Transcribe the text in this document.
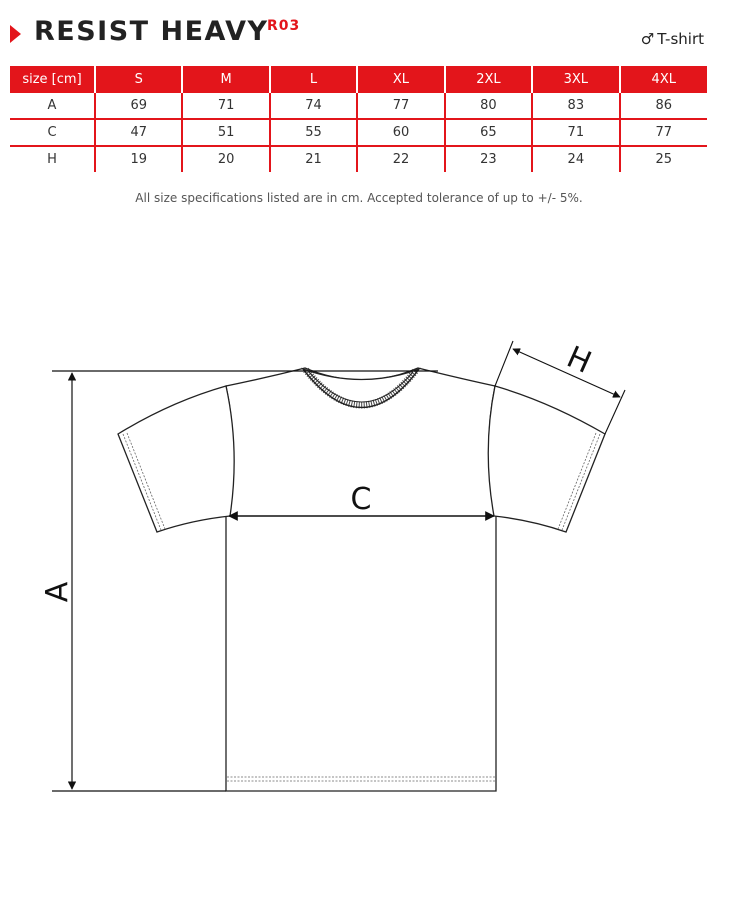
RESIST HEAVY
R03
♂ T-shirt
size [cm]	S	M	L	XL	2XL	3XL	4XL
A	69	71	74	77	80	83	86
C	47	51	55	60	65	71	77
H	19	20	21	22	23	24	25
All size specifications listed are in cm. Accepted tolerance of up to +/- 5%.
A
C
H
